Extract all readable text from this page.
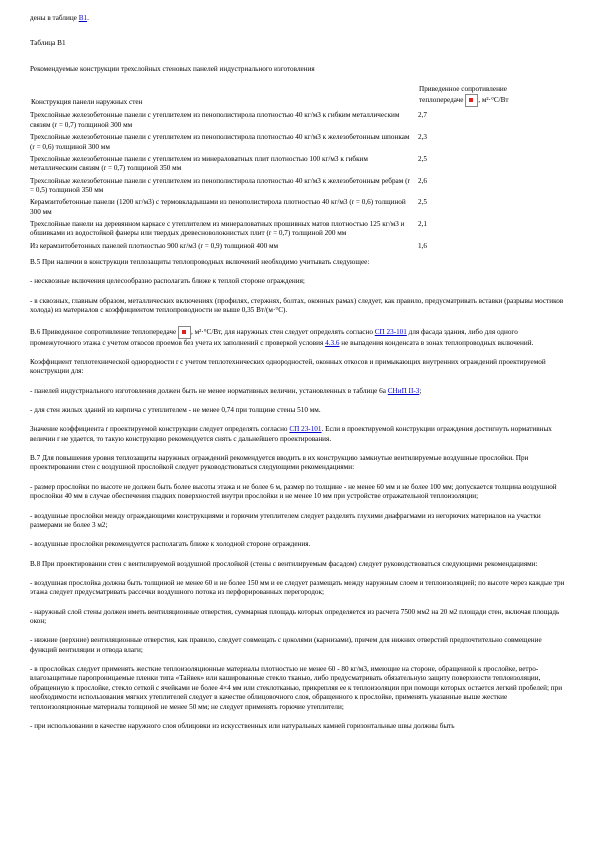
дены в таблице В1.

Таблица В1

Рекомендуемые конструкции трехслойных стеновых панелей индустриального изготовления

Конструкция панели наружных стен	Приведенное сопротивление
теплопередаче , м²·°С/Вт

Трехслойные железобетонные панели с утеплителем из пенополистирола плотностью 40 кг/м3 к гибким металлическим связям (r = 0,7) толщиной 300 мм	2,7
Трехслойные железобетонные панели с утеплителем из пенополистирола плотностью 40 кг/м3 к железобетонным шпонкам (r = 0,6) толщиной 300 мм	2,3
Трехслойные железобетонные панели с утеплителем из минераловатных плит плотностью 100 кг/м3 к гибким металлическим связям (r = 0,7) толщиной 350 мм	2,5
Трехслойные железобетонные панели с утеплителем из пенополистирола плотностью 40 кг/м3 к железобетонным ребрам (r = 0,5) толщиной 350 мм	2,6
Керамзитобетонные панели (1200 кг/м3) с термовкладышами из пенополистирола плотностью 40 кг/м3 (r = 0,6) толщиной 300 мм	2,5
Трехслойные панели на деревянном каркасе с утеплителем из минераловатных прошивных матов плотностью 125 кг/м3 и обшивками из водостойкой фанеры или твердых древесноволокнистых плит (r = 0,7) толщиной 200 мм	2,1
Из керамзитобетонных панелей плотностью 900 кг/м3 (r = 0,9) толщиной 400 мм	1,6

В.5 При наличии в конструкции теплозащиты теплопроводных включений необходимо учитывать следующее:

- несквозные включения целесообразно располагать ближе к теплой стороне ограждения;

- в сквозных, главным образом, металлических включениях (профилях, стержнях, болтах, оконных рамах) следует, как правило, предусматривать вставки (разрывы мостиков холода) из материалов с коэффициентом теплопроводности не выше 0,35 Вт/(м·°С).

В.6 Приведенное сопротивление теплопередаче , м²·°С/Вт, для наружных стен следует определять согласно СП 23-101 для фасада здания, либо для одного промежуточного этажа с учетом откосов проемов без учета их заполнений с проверкой условия 4.3.6 не выпадения конденсата в зонах теплопроводных включений.

Коэффициент теплотехнической однородности r с учетом теплотехнических однородностей, оконных откосов и примыкающих внутренних ограждений проектируемой конструкции для:

- панелей индустриального изготовления должен быть не менее нормативных величин, установленных в таблице 6а СНиП II-3;

- для стен жилых зданий из кирпича с утеплителем - не менее 0,74 при толщине стены 510 мм.

Значение коэффициента r проектируемой конструкции следует определять согласно СП 23-101. Если в проектируемой конструкции ограждения достигнуть нормативных величин r не удается, то такую конструкцию рекомендуется снять с дальнейшего проектирования.

В.7 Для повышения уровня теплозащиты наружных ограждений рекомендуется вводить в их конструкцию замкнутые вентилируемые воздушные прослойки. При проектировании стен с воздушной прослойкой следует руководствоваться следующими рекомендациями:

- размер прослойки по высоте не должен быть более высоты этажа и не более 6 м, размер по толщине - не менее 60 мм и не более 100 мм; допускается толщина воздушной прослойки 40 мм в случае обеспечения гладких поверхностей внутри прослойки и не менее 10 мм при устройстве отражательной теплоизоляции;

- воздушные прослойки между ограждающими конструкциями и горючим утеплителем следует разделять глухими диафрагмами из негорючих материалов на участки размерами не более 3 м2;

- воздушные прослойки рекомендуется располагать ближе к холодной стороне ограждения.

В.8 При проектировании стен с вентилируемой воздушной прослойкой (стены с вентилируемым фасадом) следует руководствоваться следующими рекомендациями:

- воздушная прослойка должна быть толщиной не менее 60 и не более 150 мм и ее следует размещать между наружным слоем и теплоизоляцией; по высоте через каждые три этажа следует предусматривать рассечки воздушного потока из перфорированных перегородок;

- наружный слой стены должен иметь вентиляционные отверстия, суммарная площадь которых определяется из расчета 7500 мм2 на 20 м2 площади стен, включая площадь окон;

- нижние (верхние) вентиляционные отверстия, как правило, следует совмещать с цоколями (карнизами), причем для нижних отверстий предпочтительно совмещение функций вентиляции и отвода влаги;

- в прослойках следует применять жесткие теплоизоляционные материалы плотностью не менее 60 - 80 кг/м3, имеющие на стороне, обращенной к прослойке, ветро-влагозащитные паропроницаемые пленки типа «Тайвек» или кашированные стекло тканью, либо предусматривать обязательную защиту поверхности теплоизоляции, обращенную к прослойке, стекло сеткой с ячейками не более 4×4 мм или стеклотканью, прикрепляя ее к теплоизоляции при помощи которых остается легкий пробелей; при необходимости использования мягких утеплителей следует в качестве облицовочного слоя, обращенного к прослойке, применять указанные выше жесткие теплоизоляционные материалы толщиной не менее 50 мм; не следует применять горючие утеплители;

- при использовании в качестве наружного слоя облицовки из искусственных или натуральных камней горизонтальные швы должны быть
